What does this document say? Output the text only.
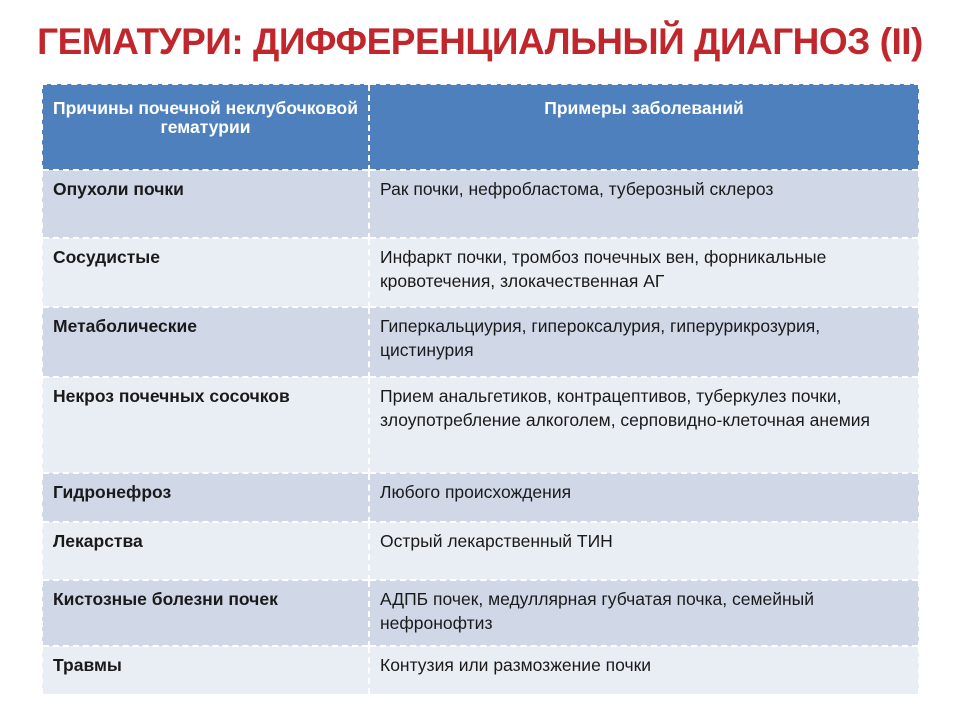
ГЕМАТУРИ: ДИФФЕРЕНЦИАЛЬНЫЙ ДИАГНОЗ (II)
Причины почечной неклубочковой гематурии	Примеры заболеваний

Опухоли почки	Рак почки, нефробластома, туберозный склероз
Сосудистые	Инфаркт почки, тромбоз почечных вен, форникальные кровотечения, злокачественная АГ
Метаболические	Гиперкальциурия, гипероксалурия, гиперурикрозурия, цистинурия
Некроз почечных сосочков	Прием анальгетиков, контрацептивов, туберкулез почки, злоупотребление алкоголем, серповидно-клеточная анемия
Гидронефроз	Любого происхождения
Лекарства	Острый лекарственный ТИН
Кистозные болезни почек	АДПБ почек, медуллярная губчатая почка, семейный нефронофтиз
Травмы	Контузия или размозжение почки
